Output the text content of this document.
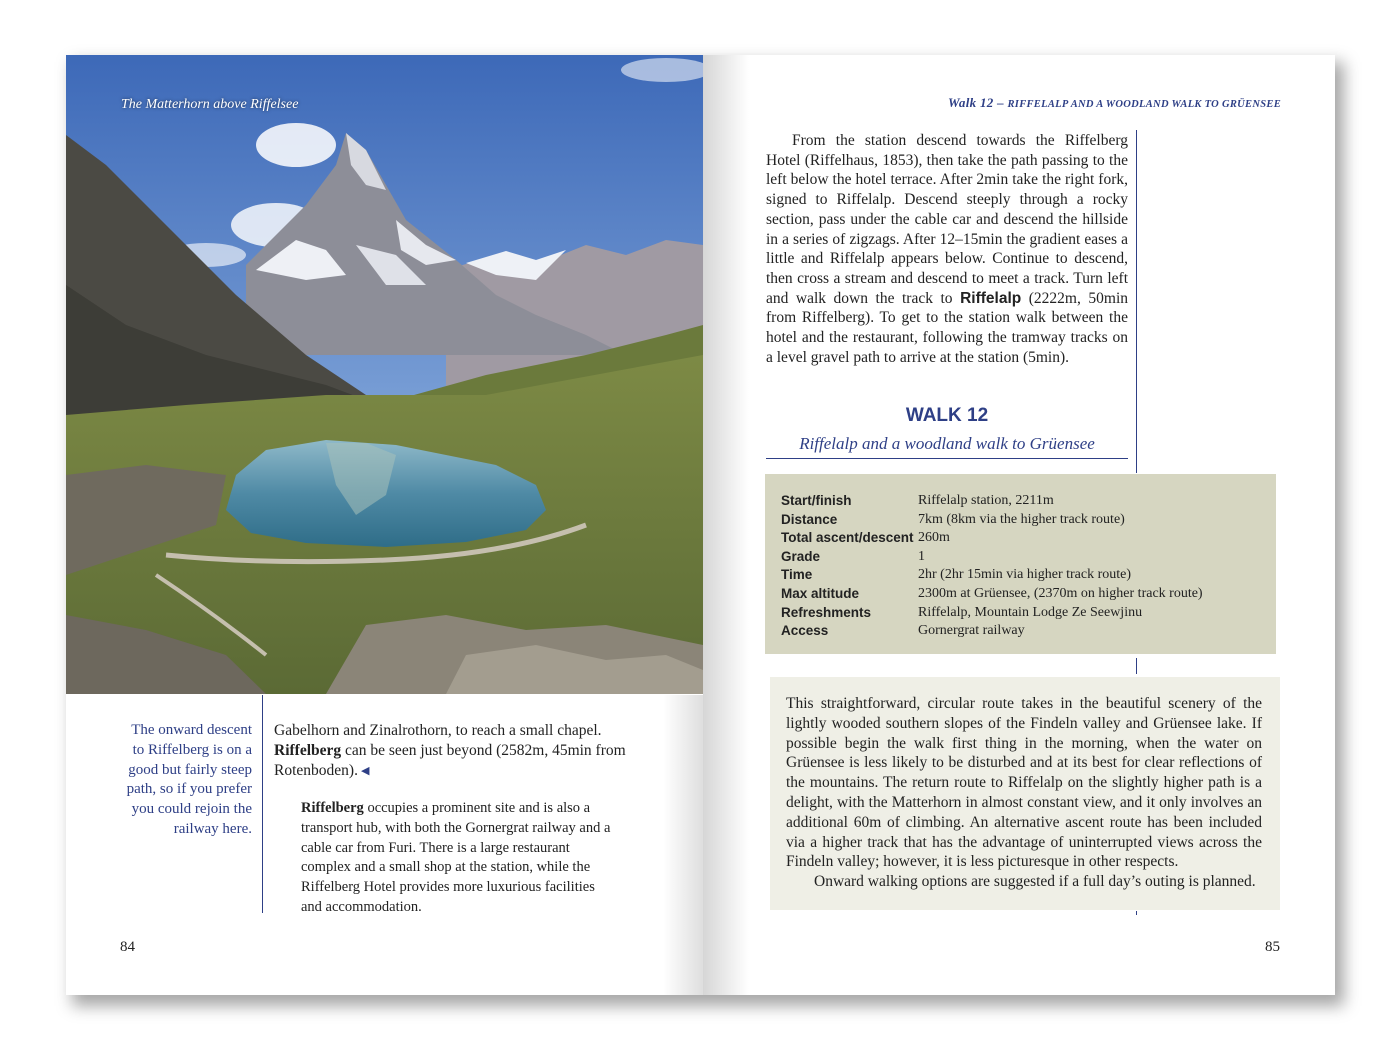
The Matterhorn above Riffelsee
The onward descent to Riffelberg is on a good but fairly steep path, so if you prefer you could rejoin the railway here.

Gabelhorn and Zinalrothorn, to reach a small chapel. Riffelberg can be seen just beyond (2582m, 45min from Rotenboden). ◀

Riffelberg occupies a prominent site and is also a transport hub, with both the Gornergrat railway and a cable car from Furi. There is a large restaurant complex and a small shop at the station, while the Riffelberg Hotel provides more luxurious facilities and accommodation.

84
Walk 12 – RIFFELALP AND A WOODLAND WALK TO GRÜENSEE

From the station descend towards the Riffelberg Hotel (Riffelhaus, 1853), then take the path passing to the left below the hotel terrace. After 2min take the right fork, signed to Riffelalp. Descend steeply through a rocky section, pass under the cable car and descend the hillside in a series of zigzags. After 12–15min the gradient eases a little and Riffelalp appears below. Continue to descend, then cross a stream and descend to meet a track. Turn left and walk down the track to Riffelalp (2222m, 50min from Riffelberg). To get to the station walk between the hotel and the restaurant, following the tramway tracks on a level gravel path to arrive at the station (5min).

WALK 12
Riffelalp and a woodland walk to Grüensee
Start/finish	Riffelalp station, 2211m
Distance	7km (8km via the higher track route)
Total ascent/descent 260m
Grade	1
Time	2hr (2hr 15min via higher track route)
Max altitude	2300m at Grüensee, (2370m on higher track route)
Refreshments	Riffelalp, Mountain Lodge Ze Seewjinu
Access	Gornergrat railway

This straightforward, circular route takes in the beautiful scenery of the lightly wooded southern slopes of the Findeln valley and Grüensee lake. If possible begin the walk first thing in the morning, when the water on Grüensee is less likely to be disturbed and at its best for clear reflections of the mountains. The return route to Riffelalp on the slightly higher path is a delight, with the Matterhorn in almost constant view, and it only involves an additional 60m of climbing. An alternative ascent route has been included via a higher track that has the advantage of uninterrupted views across the Findeln valley; however, it is less picturesque in other respects.

Onward walking options are suggested if a full day’s outing is planned.

85
